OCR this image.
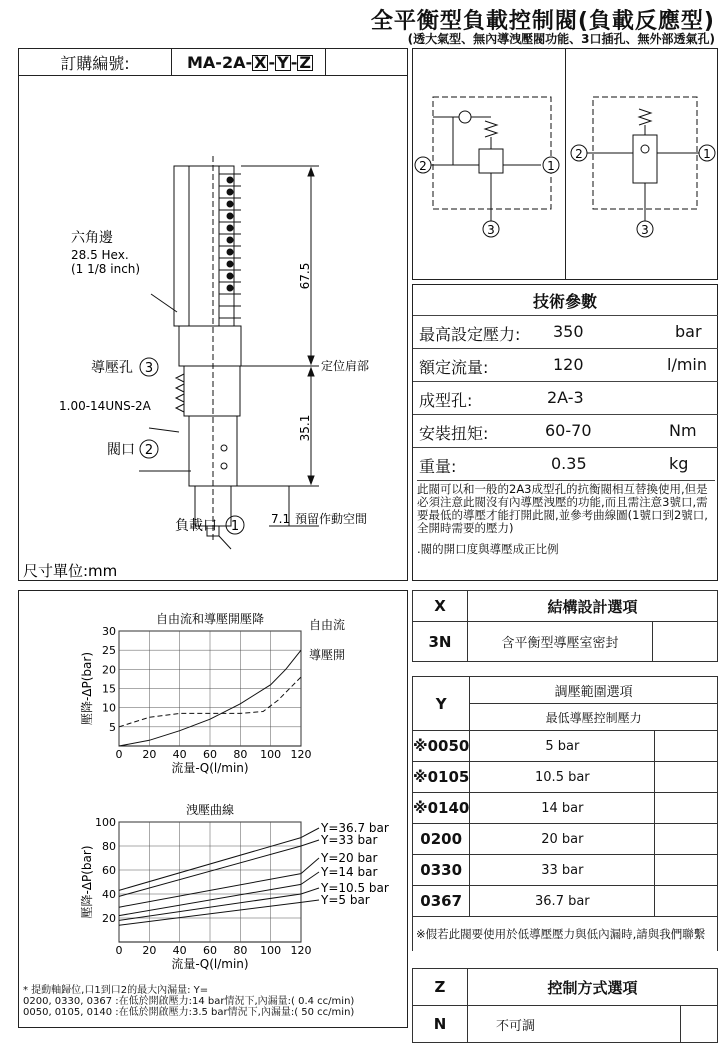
全平衡型負載控制閥(負載反應型)
(透大氣型、無內導洩壓閥功能、3口插孔、無外部透氣孔)
訂購編號:	MA-2A- X - Y - Z
67.5
35.1
7.1
定位肩部
預留作動空間
六角邊
28.5 Hex.
(1 1/8 inch)
導壓孔 3
1.00-14UNS-2A
閥口 2
負載口 1
尺寸單位:mm
2	1
3
2	1
3
技術參數
最高設定壓力: 350	bar
額定流量:	120	l/min
成型孔:	2A-3
安裝扭矩:	60-70	Nm
重量:	0.35	kg
此閥可以和一般的2A3成型孔的抗衡閥相互替換使用,但是必須注意此閥沒有內導壓洩壓的功能,而且需注意3號口,需要最低的導壓才能打開此閥,並參考曲線圖(1號口到2號口,全開時需要的壓力)
.閥的開口度與導壓成正比例
自由流和導壓開壓降
0 20 40 60 80 100 120
5
10
15
20
25
30
流量-Q(l/min)
壓降-ΔP(bar)
自由流
導壓開
洩壓曲線
0 20 40 60 80 100 120
20
40
60
80
100
流量-Q(l/min)
壓降-ΔP(bar)
Y=36.7 bar
Y=33 bar
Y=20 bar
Y=14 bar
Y=10.5 bar
Y=5 bar
* 提動軸歸位,口1到口2的最大內漏量: Y=
0200, 0330, 0367 :在低於開啟壓力:14 bar情況下,內漏量:( 0.4 cc/min)
0050, 0105, 0140 :在低於開啟壓力:3.5 bar情況下,內漏量:( 50 cc/min)
X	結構設計選項	
3N	含平衡型導壓室密封	
Y	調壓範圍選項	
	最低導壓控制壓力	
※0050	5 bar	
※0105	10.5 bar	
※0140	14 bar	
0200	20 bar	
0330	33 bar	
0367	36.7 bar	
※假若此閥要使用於低導壓壓力與低內漏時,請與我們聯繫		
Z	控制方式選項	
N	不可調	
